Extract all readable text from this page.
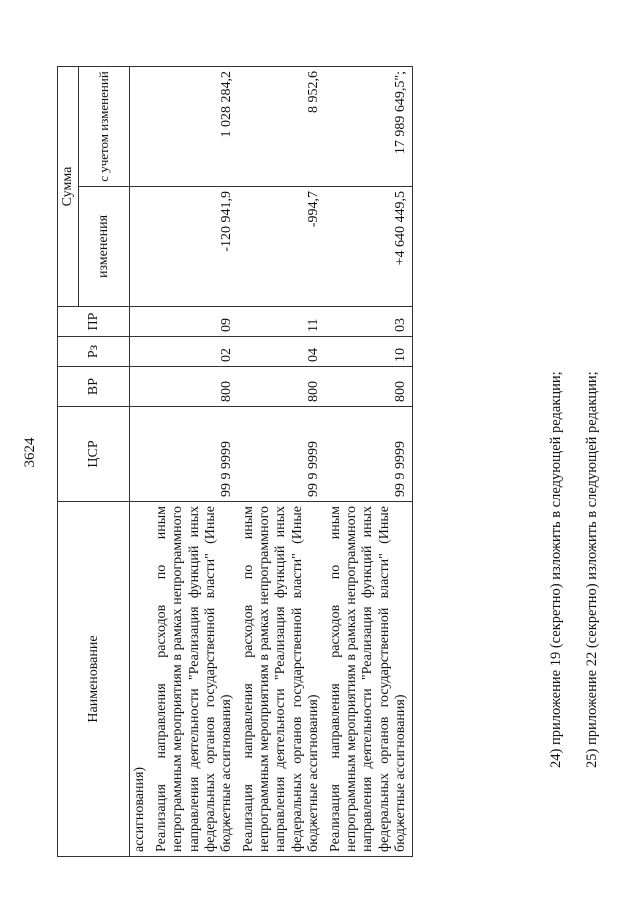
3624
Наименование	ЦСР	ВР	Рз	ПР	Сумма	
					изменения	с учетом изменений
ассигнования)						
Реализация направления расходов по иным непрограммным мероприятиям в рамках непрограммного направления деятельности "Реализация функций иных федеральных органов государственной власти" (Иные бюджетные ассигнования)	99 9 9999	800	02	09	-120 941,9	1 028 284,2
Реализация направления расходов по иным непрограммным мероприятиям в рамках непрограммного направления деятельности "Реализация функций иных федеральных органов государственной власти" (Иные бюджетные ассигнования)	99 9 9999	800	04	11	-994,7	8 952,6
Реализация направления расходов по иным непрограммным мероприятиям в рамках непрограммного направления деятельности "Реализация функций иных федеральных органов государственной власти" (Иные бюджетные ассигнования)	99 9 9999	800	10	03	+4 640 449,5	17 989 649,5";
24) приложение 19 (секретно) изложить в следующей редакции; 25) приложение 22 (секретно) изложить в следующей редакции;
